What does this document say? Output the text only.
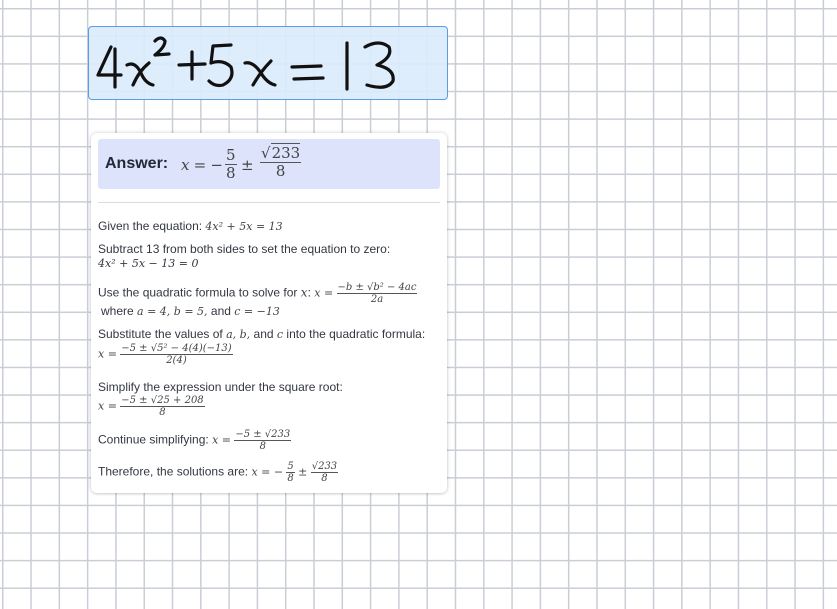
Answer: x = − $\frac{5}{8} \pm \frac{√233}{8}$
Given the equation: 4x² + 5x = 13
Subtract 13 from both sides to set the equation to zero:
4x² + 5x − 13 = 0
Use the quadratic formula to solve for x: $x = \frac{\text{−b ± √b² − 4ac}}{2a}$
where a = 4, b = 5, and c = −13
Substitute the values of a, b, and c into the quadratic formula:
$x = \frac{\text{−5 ± √5² − 4(4)(−13)}}{2(4)}$
Simplify the expression under the square root:
$x = \frac{-5 \pm √25 + 208}{8}$
Continue simplifying: $x = \frac{-5 \pm √233}{8}$
Therefore, the solutions are: x = − $\frac{5}{8} \pm \frac{√233}{8}$
